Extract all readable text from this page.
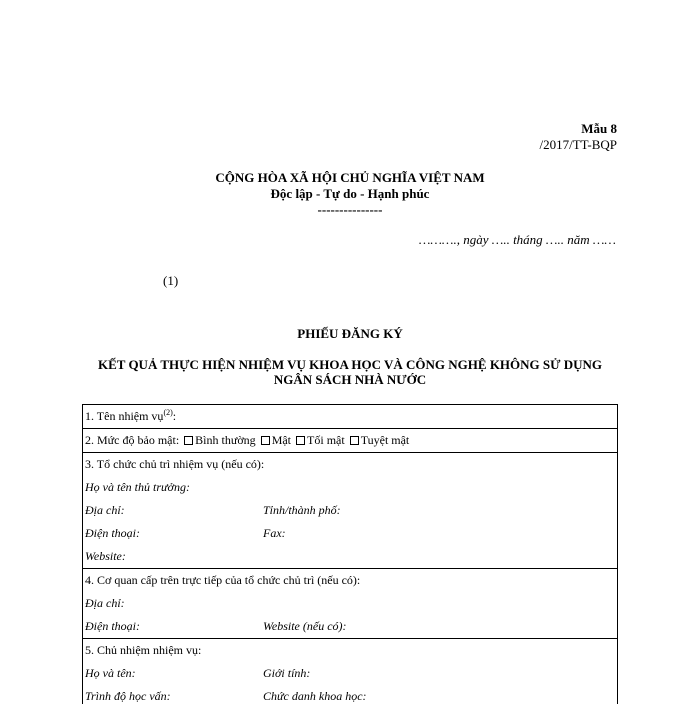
Mẫu 8
/2017/TT-BQP
CỘNG HÒA XÃ HỘI CHỦ NGHĨA VIỆT NAM
Độc lập - Tự do - Hạnh phúc
---------------
………., ngày ….. tháng ….. năm ……
(1)
PHIẾU ĐĂNG KÝ
KẾT QUẢ THỰC HIỆN NHIỆM VỤ KHOA HỌC VÀ CÔNG NGHỆ KHÔNG SỬ DỤNG NGÂN SÁCH NHÀ NƯỚC
1. Tên nhiệm vụ$^{(2)}$:
2. Mức độ bảo mật: Bình thường Mật Tối mật Tuyệt mật
3. Tổ chức chủ trì nhiệm vụ (nếu có):
Họ và tên thủ trưởng:
Địa chỉ:	Tỉnh/thành phố:
Điện thoại:	Fax:
Website:
4. Cơ quan cấp trên trực tiếp của tổ chức chủ trì (nếu có):
Địa chỉ:
Điện thoại:	Website (nếu có):
5. Chủ nhiệm nhiệm vụ:
Họ và tên:	Giới tính:
Trình độ học vấn:	Chức danh khoa học:
